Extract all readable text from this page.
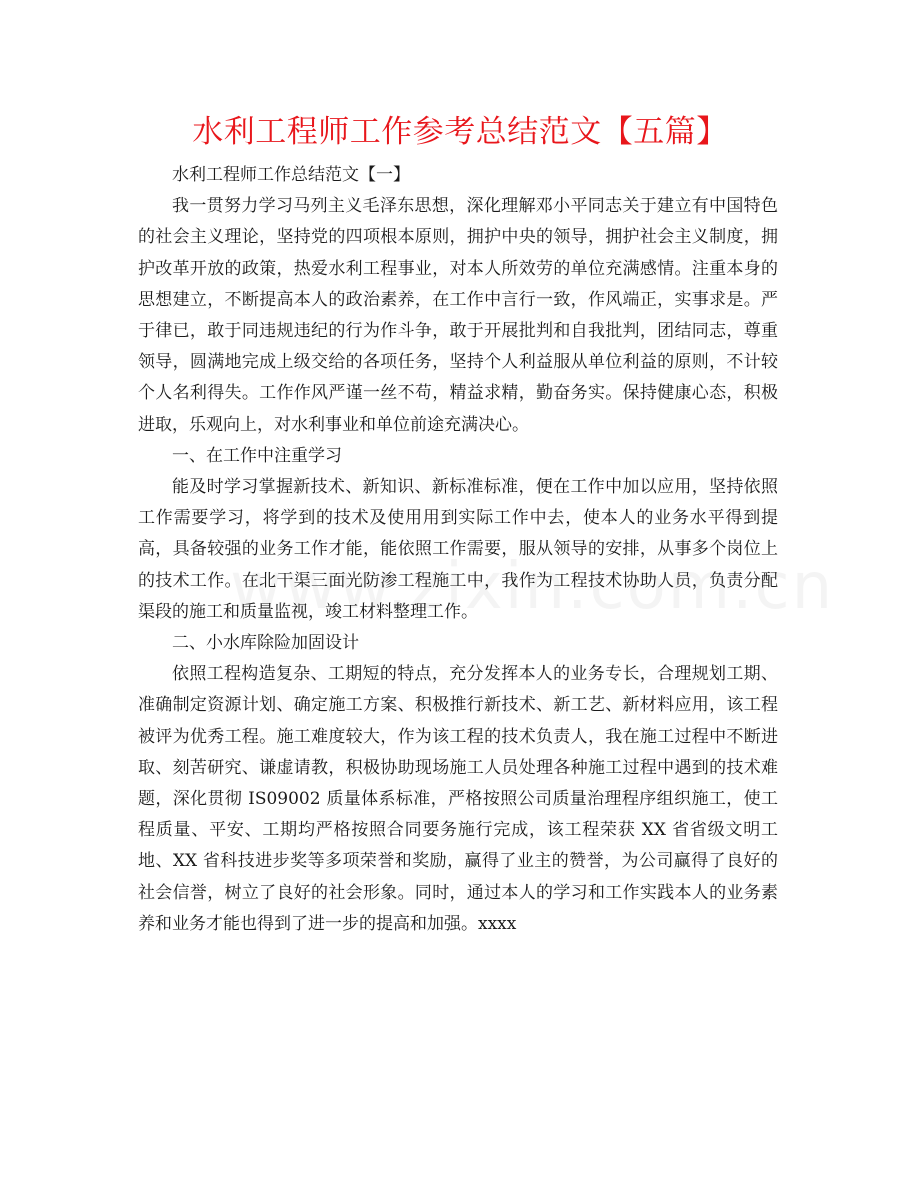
水利工程师工作参考总结范文【五篇】

水利工程师工作总结范文【一】

我一贯努力学习马列主义毛泽东思想，深化理解邓小平同志关于建立有中国特色的社会主义理论，坚持党的四项根本原则，拥护中央的领导，拥护社会主义制度，拥护改革开放的政策，热爱水利工程事业，对本人所效劳的单位充满感情。注重本身的思想建立，不断提高本人的政治素养，在工作中言行一致，作风端正，实事求是。严于律已，敢于同违规违纪的行为作斗争，敢于开展批判和自我批判，团结同志，尊重领导，圆满地完成上级交给的各项任务，坚持个人利益服从单位利益的原则，不计较个人名利得失。工作作风严谨一丝不苟，精益求精，勤奋务实。保持健康心态，积极进取，乐观向上，对水利事业和单位前途充满决心。

一、在工作中注重学习

能及时学习掌握新技术、新知识、新标准标准，便在工作中加以应用，坚持依照工作需要学习，将学到的技术及使用用到实际工作中去，使本人的业务水平得到提高，具备较强的业务工作才能，能依照工作需要，服从领导的安排，从事多个岗位上的技术工作。在北干渠三面光防渗工程施工中，我作为工程技术协助人员，负责分配渠段的施工和质量监视，竣工材料整理工作。

二、小水库除险加固设计

依照工程构造复杂、工期短的特点，充分发挥本人的业务专长，合理规划工期、准确制定资源计划、确定施工方案、积极推行新技术、新工艺、新材料应用，该工程被评为优秀工程。施工难度较大，作为该工程的技术负责人，我在施工过程中不断进取、刻苦研究、谦虚请教，积极协助现场施工人员处理各种施工过程中遇到的技术难题，深化贯彻 IS09002 质量体系标准，严格按照公司质量治理程序组织施工，使工程质量、平安、工期均严格按照合同要务施行完成，该工程荣获 XX 省省级文明工地、XX 省科技进步奖等多项荣誉和奖励，赢得了业主的赞誉，为公司赢得了良好的社会信誉，树立了良好的社会形象。同时，通过本人的学习和工作实践本人的业务素养和业务才能也得到了进一步的提高和加强。xxxx
